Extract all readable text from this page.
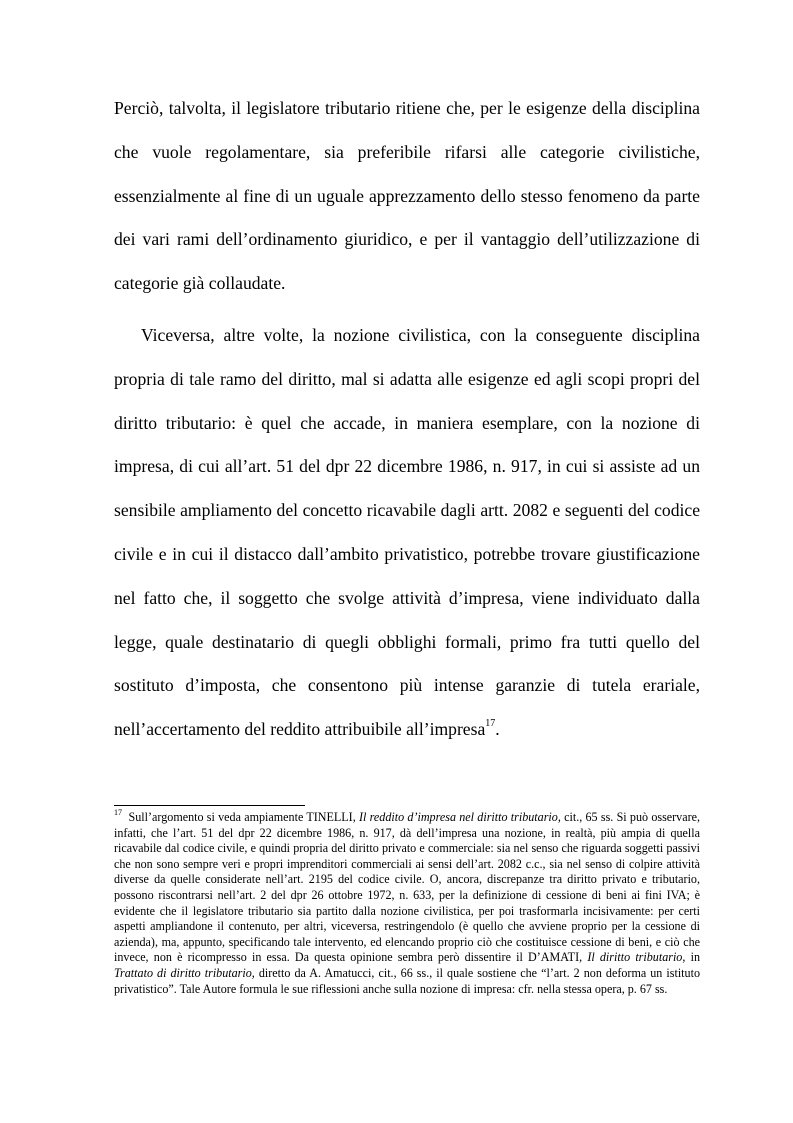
Perciò, talvolta, il legislatore tributario ritiene che, per le esigenze della disciplina che vuole regolamentare, sia preferibile rifarsi alle categorie civilistiche, essenzialmente al fine di un uguale apprezzamento dello stesso fenomeno da parte dei vari rami dell’ordinamento giuridico, e per il vantaggio dell’utilizzazione di categorie già collaudate.

Viceversa, altre volte, la nozione civilistica, con la conseguente disciplina propria di tale ramo del diritto, mal si adatta alle esigenze ed agli scopi propri del diritto tributario: è quel che accade, in maniera esemplare, con la nozione di impresa, di cui all’art. 51 del dpr 22 dicembre 1986, n. 917, in cui si assiste ad un sensibile ampliamento del concetto ricavabile dagli artt. 2082 e seguenti del codice civile e in cui il distacco dall’ambito privatistico, potrebbe trovare giustificazione nel fatto che, il soggetto che svolge attività d’impresa, viene individuato dalla legge, quale destinatario di quegli obblighi formali, primo fra tutti quello del sostituto d’imposta, che consentono più intense garanzie di tutela erariale, nell’accertamento del reddito attribuibile all’impresa$^{17}$.

$^{17}$ Sull’argomento si veda ampiamente TINELLI, Il reddito d’impresa nel diritto tributario, cit., 65 ss. Si può osservare, infatti, che l’art. 51 del dpr 22 dicembre 1986, n. 917, dà dell’impresa una nozione, in realtà, più ampia di quella ricavabile dal codice civile, e quindi propria del diritto privato e commerciale: sia nel senso che riguarda soggetti passivi che non sono sempre veri e propri imprenditori commerciali ai sensi dell’art. 2082 c.c., sia nel senso di colpire attività diverse da quelle considerate nell’art. 2195 del codice civile. O, ancora, discrepanze tra diritto privato e tributario, possono riscontrarsi nell’art. 2 del dpr 26 ottobre 1972, n. 633, per la definizione di cessione di beni ai fini IVA; è evidente che il legislatore tributario sia partito dalla nozione civilistica, per poi trasformarla incisivamente: per certi aspetti ampliandone il contenuto, per altri, viceversa, restringendolo (è quello che avviene proprio per la cessione di azienda), ma, appunto, specificando tale intervento, ed elencando proprio ciò che costituisce cessione di beni, e ciò che invece, non è ricompresso in essa. Da questa opinione sembra però dissentire il D’AMATI, Il diritto tributario, in Trattato di diritto tributario, diretto da A. Amatucci, cit., 66 ss., il quale sostiene che “l’art. 2 non deforma un istituto privatistico”. Tale Autore formula le sue riflessioni anche sulla nozione di impresa: cfr. nella stessa opera, p. 67 ss.
